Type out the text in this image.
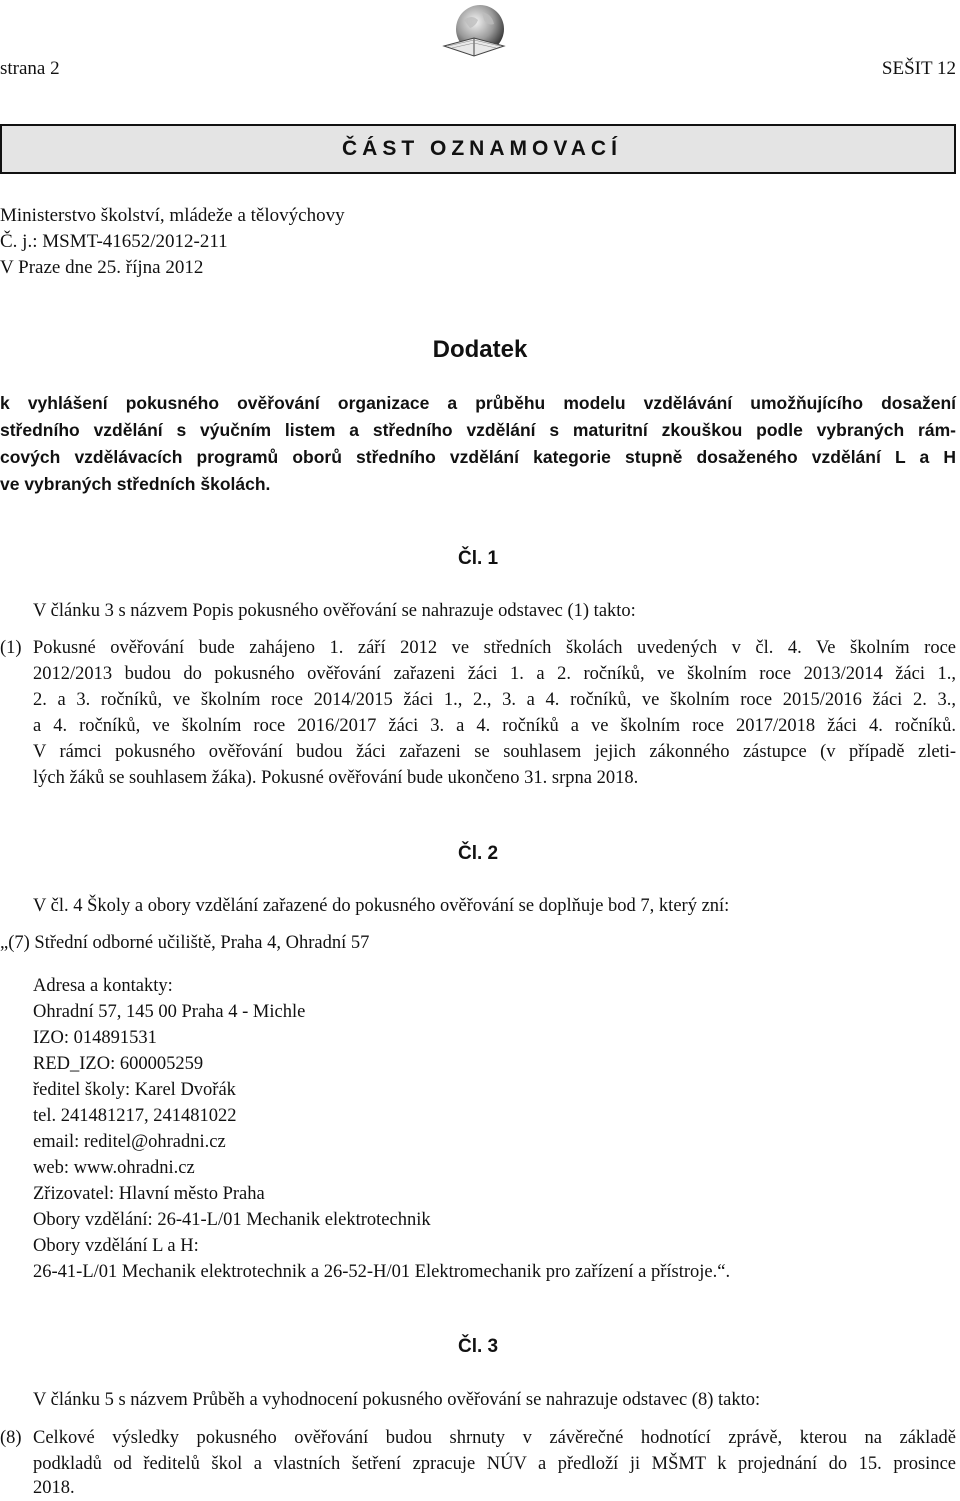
strana 2	SEŠIT 12
ČÁST OZNAMOVACÍ
Ministerstvo školství, mládeže a tělovýchovy
Č. j.: MSMT-41652/2012-211
V Praze dne 25. října 2012
Dodatek
k vyhlášení pokusného ověřování organizace a průběhu modelu vzdělávání umožňujícího dosažení
středního vzdělání s výučním listem a středního vzdělání s maturitní zkouškou podle vybraných rám-
cových vzdělávacích programů oborů středního vzdělání kategorie stupně dosaženého vzdělání L a H
ve vybraných středních školách.
Čl. 1
V článku 3 s názvem Popis pokusného ověřování se nahrazuje odstavec (1) takto:
(1) Pokusné ověřování bude zahájeno 1. září 2012 ve středních školách uvedených v čl. 4. Ve školním roce
2012/2013 budou do pokusného ověřování zařazeni žáci 1. a 2. ročníků, ve školním roce 2013/2014 žáci 1.,
2. a 3. ročníků, ve školním roce 2014/2015 žáci 1., 2., 3. a 4. ročníků, ve školním roce 2015/2016 žáci 2. 3.,
a 4. ročníků, ve školním roce 2016/2017 žáci 3. a 4. ročníků a ve školním roce 2017/2018 žáci 4. ročníků.
V rámci pokusného ověřování budou žáci zařazeni se souhlasem jejich zákonného zástupce (v případě zleti-
lých žáků se souhlasem žáka). Pokusné ověřování bude ukončeno 31. srpna 2018.
Čl. 2
V čl. 4 Školy a obory vzdělání zařazené do pokusného ověřování se doplňuje bod 7, který zní:
„(7) Střední odborné učiliště, Praha 4, Ohradní 57
Adresa a kontakty:
Ohradní 57, 145 00 Praha 4 - Michle
IZO: 014891531
RED_IZO: 600005259
ředitel školy: Karel Dvořák
tel. 241481217, 241481022
email: reditel@ohradni.cz
web: www.ohradni.cz
Zřizovatel: Hlavní město Praha
Obory vzdělání: 26-41-L/01 Mechanik elektrotechnik
Obory vzdělání L a H:
26-41-L/01 Mechanik elektrotechnik a 26-52-H/01 Elektromechanik pro zařízení a přístroje.“.
Čl. 3
V článku 5 s názvem Průběh a vyhodnocení pokusného ověřování se nahrazuje odstavec (8) takto:
(8) Celkové výsledky pokusného ověřování budou shrnuty v závěrečné hodnotící zprávě, kterou na základě
podkladů od ředitelů škol a vlastních šetření zpracuje NÚV a předloží ji MŠMT k projednání do 15. prosince
2018.
